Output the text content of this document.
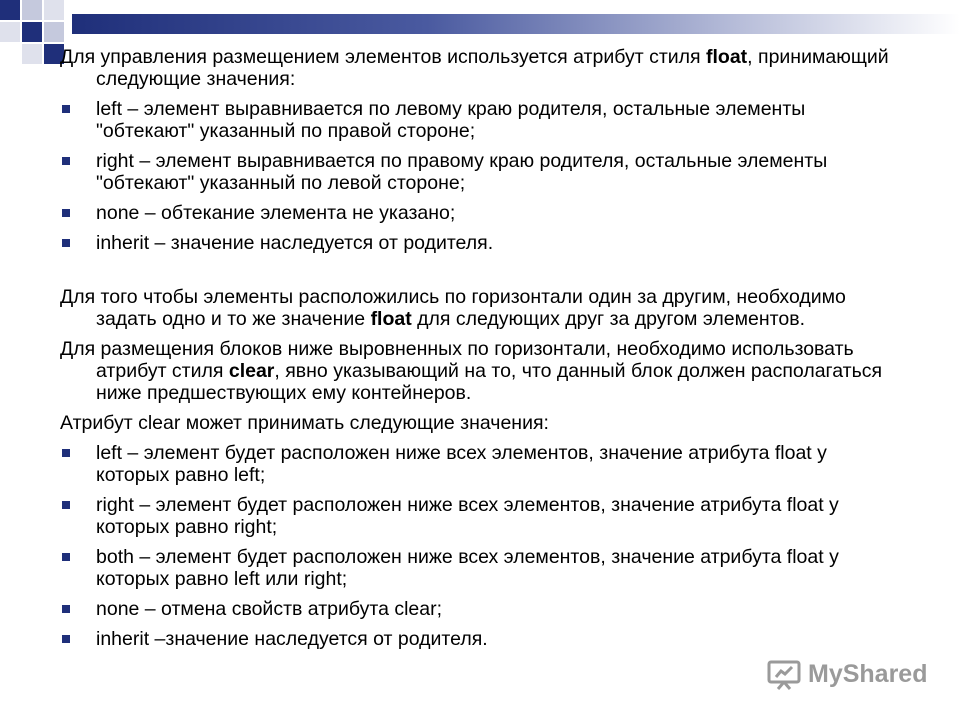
Для управления размещением элементов используется атрибут стиля float, принимающий следующие значения:

left – элемент выравнивается по левому краю родителя, остальные элементы "обтекают" указанный по правой стороне;
right – элемент выравнивается по правому краю родителя, остальные элементы "обтекают" указанный по левой стороне;
none – обтекание элемента не указано;
inherit – значение наследуется от родителя.

Для того чтобы элементы расположились по горизонтали один за другим, необходимо задать одно и то же значение float для следующих друг за другом элементов.

Для размещения блоков ниже выровненных по горизонтали, необходимо использовать атрибут стиля clear, явно указывающий на то, что данный блок должен располагаться ниже предшествующих ему контейнеров.

Атрибут clear может принимать следующие значения:

left – элемент будет расположен ниже всех элементов, значение атрибута float у которых равно left;
right – элемент будет расположен ниже всех элементов, значение атрибута float у которых равно right;
both – элемент будет расположен ниже всех элементов, значение атрибута float у которых равно left или right;
none – отмена свойств атрибута clear;
inherit –значение наследуется от родителя.
MyShared
